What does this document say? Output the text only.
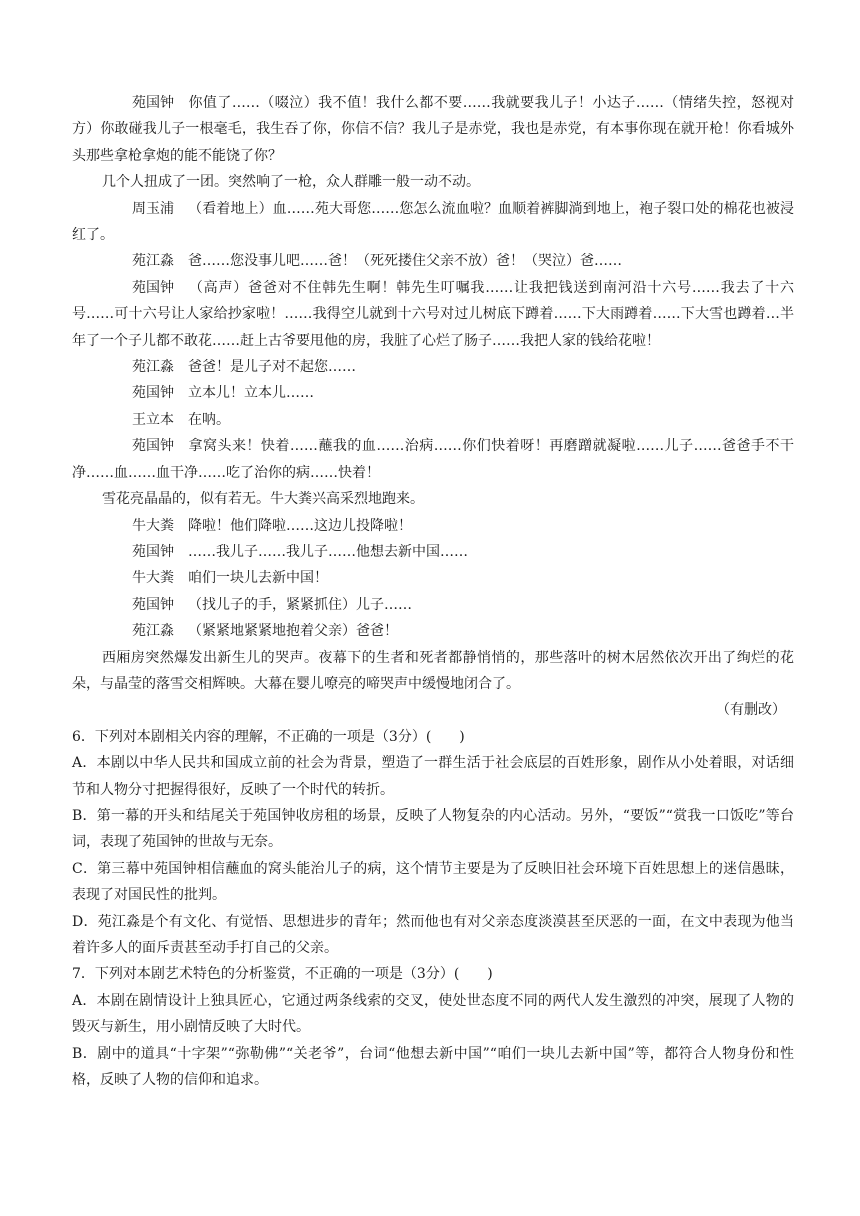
苑国钟 你值了……（啜泣）我不值！我什么都不要……我就要我儿子！小达子……（情绪失控，怒视对方）你敢碰我儿子一根毫毛，我生吞了你，你信不信？我儿子是赤党，我也是赤党，有本事你现在就开枪！你看城外头那些拿枪拿炮的能不能饶了你？
几个人扭成了一团。突然响了一枪，众人群雕一般一动不动。
周玉浦 （看着地上）血……苑大哥您……您怎么流血啦？血顺着裤脚淌到地上，袍子裂口处的棉花也被浸红了。
苑江淼 爸……您没事儿吧……爸！（死死搂住父亲不放）爸！（哭泣）爸……
苑国钟 （高声）爸爸对不住韩先生啊！韩先生叮嘱我……让我把钱送到南河沿十六号……我去了十六号……可十六号让人家给抄家啦！……我得空儿就到十六号对过儿树底下蹲着……下大雨蹲着……下大雪也蹲着…半年了一个子儿都不敢花……赶上古爷要甩他的房，我脏了心烂了肠子……我把人家的钱给花啦！
苑江淼 爸爸！是儿子对不起您……
苑国钟 立本儿！立本儿……
王立本 在呐。
苑国钟 拿窝头来！快着……蘸我的血……治病……你们快着呀！再磨蹭就凝啦……儿子……爸爸手不干净……血……血干净……吃了治你的病……快着！
雪花亮晶晶的，似有若无。牛大粪兴高采烈地跑来。
牛大粪 降啦！他们降啦……这边儿投降啦！
苑国钟 ……我儿子……我儿子……他想去新中国……
牛大粪 咱们一块儿去新中国！
苑国钟 （找儿子的手，紧紧抓住）儿子……
苑江淼 （紧紧地紧紧地抱着父亲）爸爸！
西厢房突然爆发出新生儿的哭声。夜幕下的生者和死者都静悄悄的，那些落叶的树木居然依次开出了绚烂的花朵，与晶莹的落雪交相辉映。大幕在婴儿嘹亮的啼哭声中缓慢地闭合了。
（有删改）
6．下列对本剧相关内容的理解，不正确的一项是（3分）(　　)
A．本剧以中华人民共和国成立前的社会为背景，塑造了一群生活于社会底层的百姓形象，剧作从小处着眼，对话细节和人物分寸把握得很好，反映了一个时代的转折。
B．第一幕的开头和结尾关于苑国钟收房租的场景，反映了人物复杂的内心活动。另外，“要饭”“赏我一口饭吃”等台词，表现了苑国钟的世故与无奈。
C．第三幕中苑国钟相信蘸血的窝头能治儿子的病，这个情节主要是为了反映旧社会环境下百姓思想上的迷信愚昧，表现了对国民性的批判。
D．苑江淼是个有文化、有觉悟、思想进步的青年；然而他也有对父亲态度淡漠甚至厌恶的一面，在文中表现为他当着许多人的面斥责甚至动手打自己的父亲。
7．下列对本剧艺术特色的分析鉴赏，不正确的一项是（3分）(　　)
A．本剧在剧情设计上独具匠心，它通过两条线索的交叉，使处世态度不同的两代人发生激烈的冲突，展现了人物的毁灭与新生，用小剧情反映了大时代。
B．剧中的道具“十字架”“弥勒佛”“关老爷”，台词“他想去新中国”“咱们一块儿去新中国”等，都符合人物身份和性格，反映了人物的信仰和追求。
